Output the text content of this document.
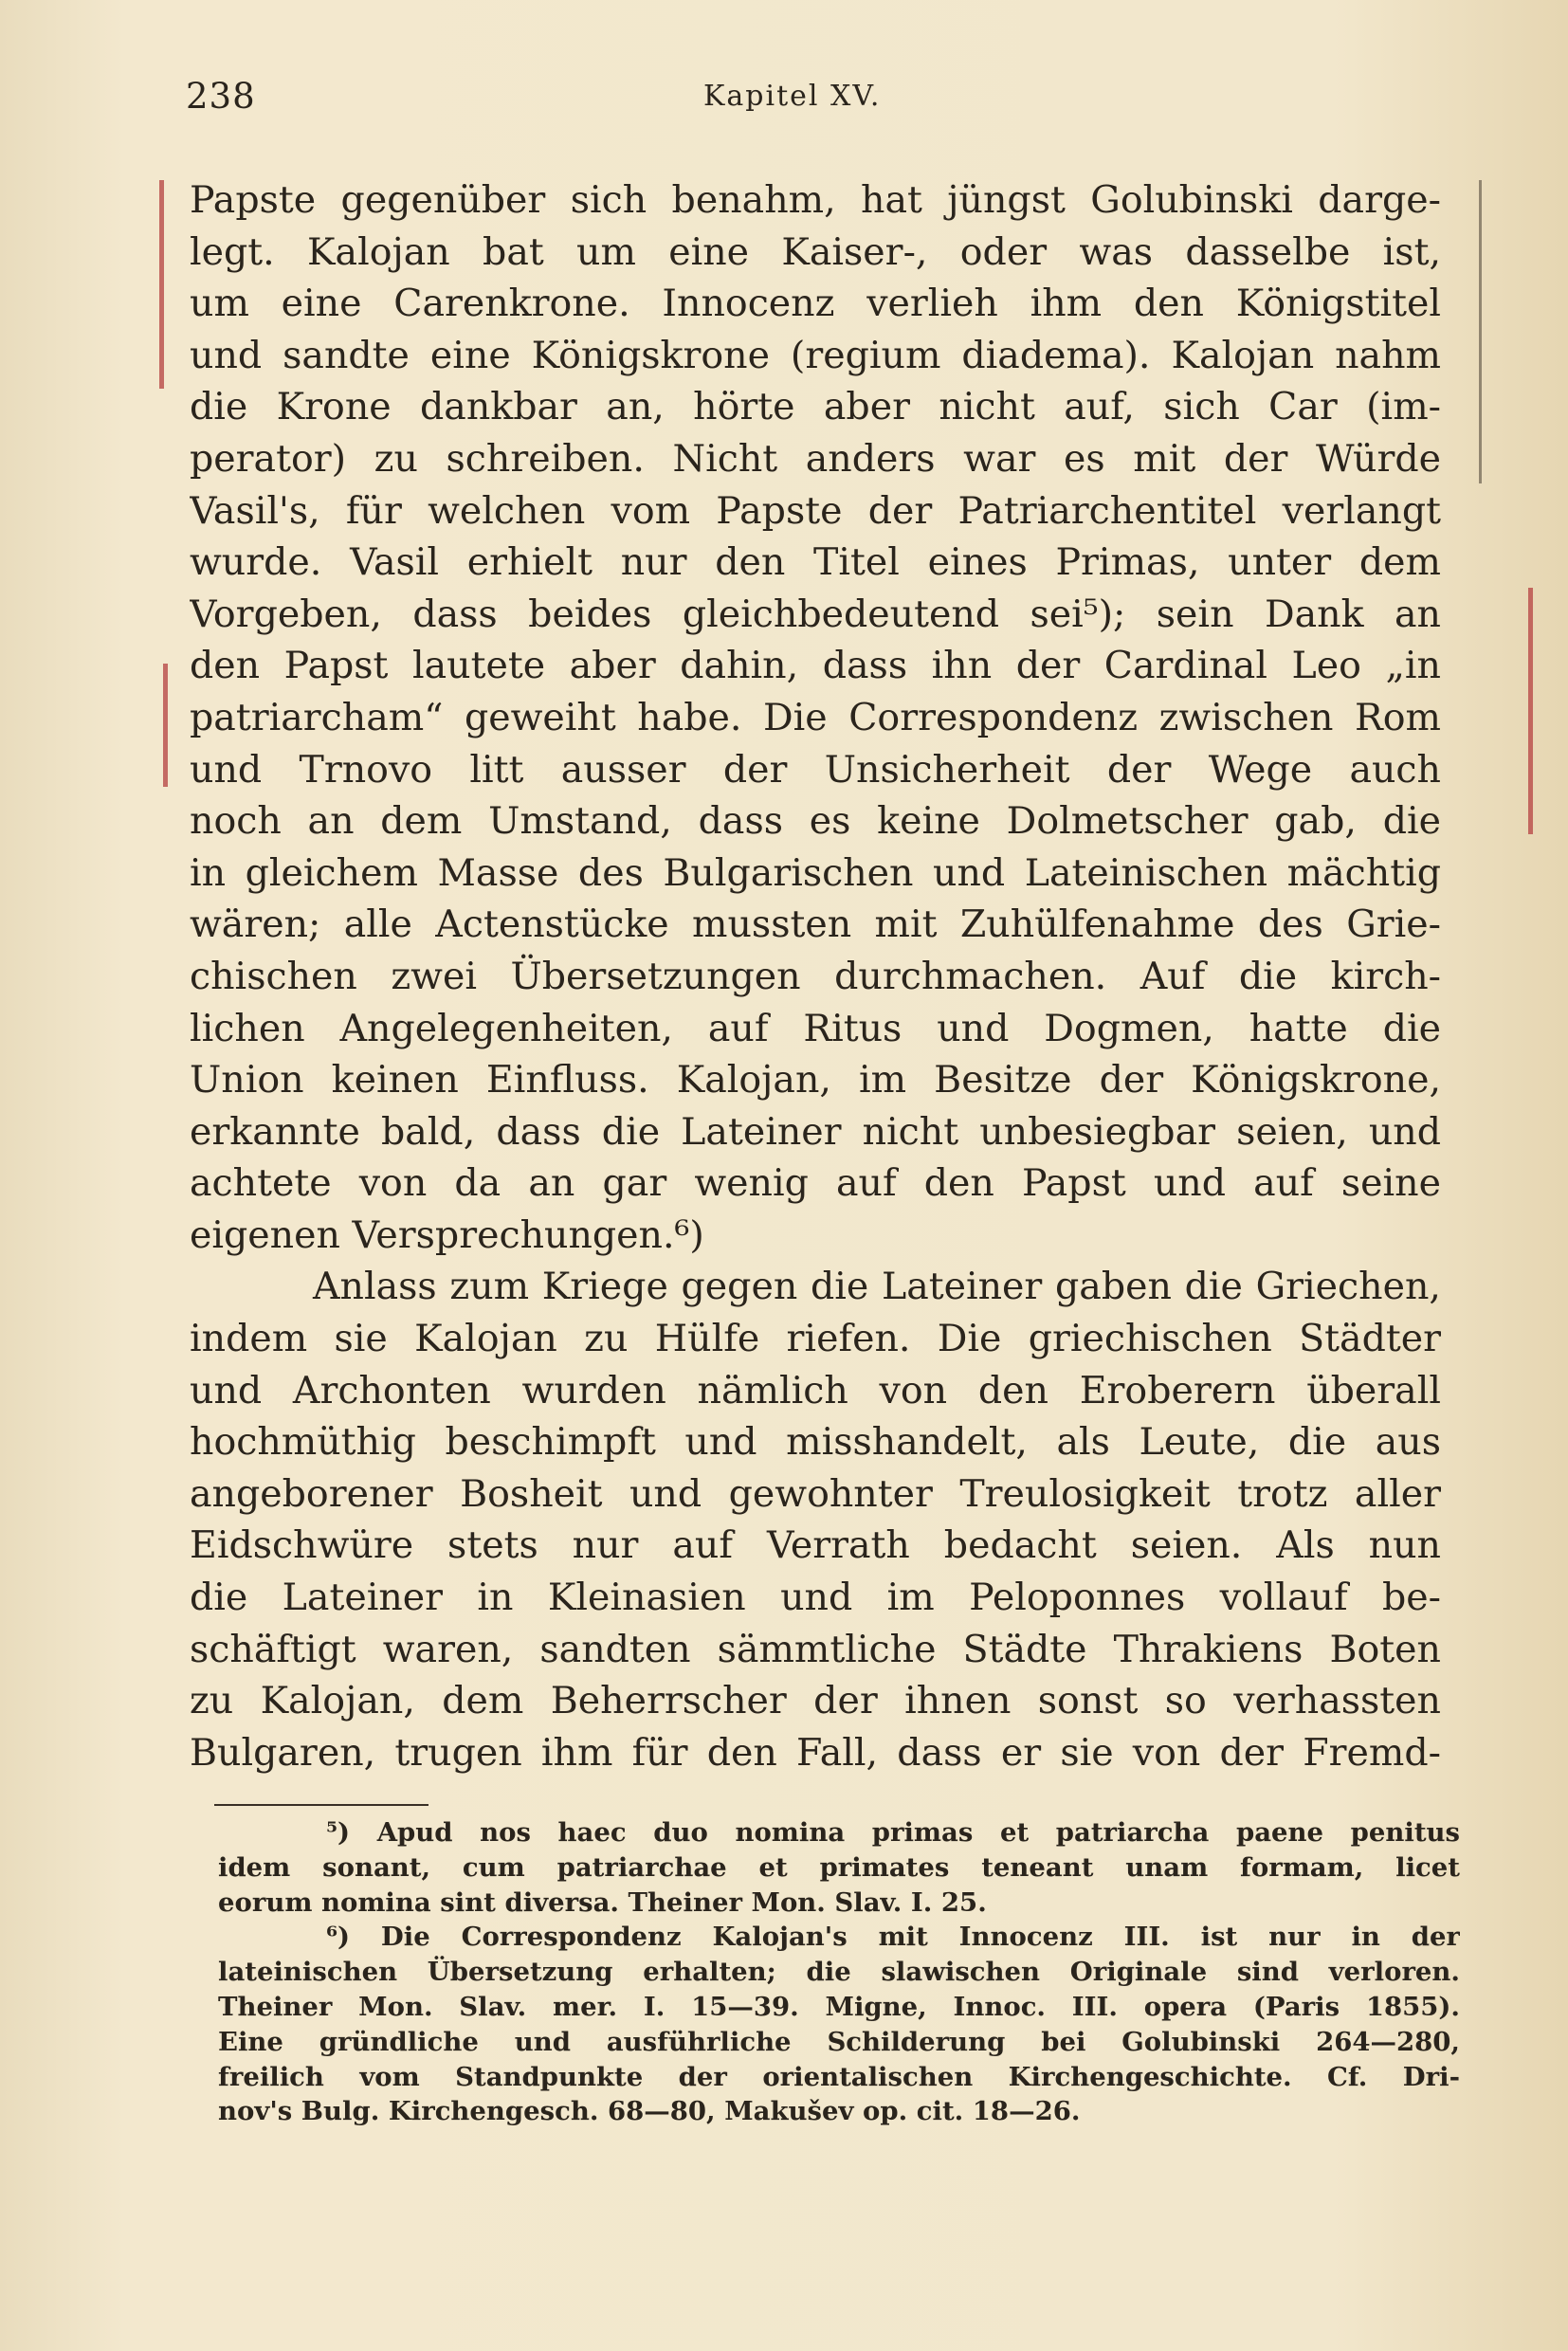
238	Kapitel XV.
Papste gegenüber sich benahm, hat jüngst Golubinski darge-
legt. Kalojan bat um eine Kaiser-, oder was dasselbe ist,
um eine Carenkrone. Innocenz verlieh ihm den Königstitel
und sandte eine Königskrone (regium diadema). Kalojan nahm
die Krone dankbar an, hörte aber nicht auf, sich Car (im-
perator) zu schreiben. Nicht anders war es mit der Würde
Vasil's, für welchen vom Papste der Patriarchentitel verlangt
wurde. Vasil erhielt nur den Titel eines Primas, unter dem
Vorgeben, dass beides gleichbedeutend sei⁵); sein Dank an
den Papst lautete aber dahin, dass ihn der Cardinal Leo „in
patriarcham“ geweiht habe. Die Correspondenz zwischen Rom
und Trnovo litt ausser der Unsicherheit der Wege auch
noch an dem Umstand, dass es keine Dolmetscher gab, die
in gleichem Masse des Bulgarischen und Lateinischen mächtig
wären; alle Actenstücke mussten mit Zuhülfenahme des Grie-
chischen zwei Übersetzungen durchmachen. Auf die kirch-
lichen Angelegenheiten, auf Ritus und Dogmen, hatte die
Union keinen Einfluss. Kalojan, im Besitze der Königskrone,
erkannte bald, dass die Lateiner nicht unbesiegbar seien, und
achtete von da an gar wenig auf den Papst und auf seine
eigenen Versprechungen.⁶)
Anlass zum Kriege gegen die Lateiner gaben die Griechen,
indem sie Kalojan zu Hülfe riefen. Die griechischen Städter
und Archonten wurden nämlich von den Eroberern überall
hochmüthig beschimpft und misshandelt, als Leute, die aus
angeborener Bosheit und gewohnter Treulosigkeit trotz aller
Eidschwüre stets nur auf Verrath bedacht seien. Als nun
die Lateiner in Kleinasien und im Peloponnes vollauf be-
schäftigt waren, sandten sämmtliche Städte Thrakiens Boten
zu Kalojan, dem Beherrscher der ihnen sonst so verhassten
Bulgaren, trugen ihm für den Fall, dass er sie von der Fremd-
⁵) Apud nos haec duo nomina primas et patriarcha paene penitus
idem sonant, cum patriarchae et primates teneant unam formam, licet
eorum nomina sint diversa. Theiner Mon. Slav. I. 25.
⁶) Die Correspondenz Kalojan's mit Innocenz III. ist nur in der
lateinischen Übersetzung erhalten; die slawischen Originale sind verloren.
Theiner Mon. Slav. mer. I. 15—39. Migne, Innoc. III. opera (Paris 1855).
Eine gründliche und ausführliche Schilderung bei Golubinski 264—280,
freilich vom Standpunkte der orientalischen Kirchengeschichte. Cf. Dri-
nov's Bulg. Kirchengesch. 68—80, Makušev op. cit. 18—26.
